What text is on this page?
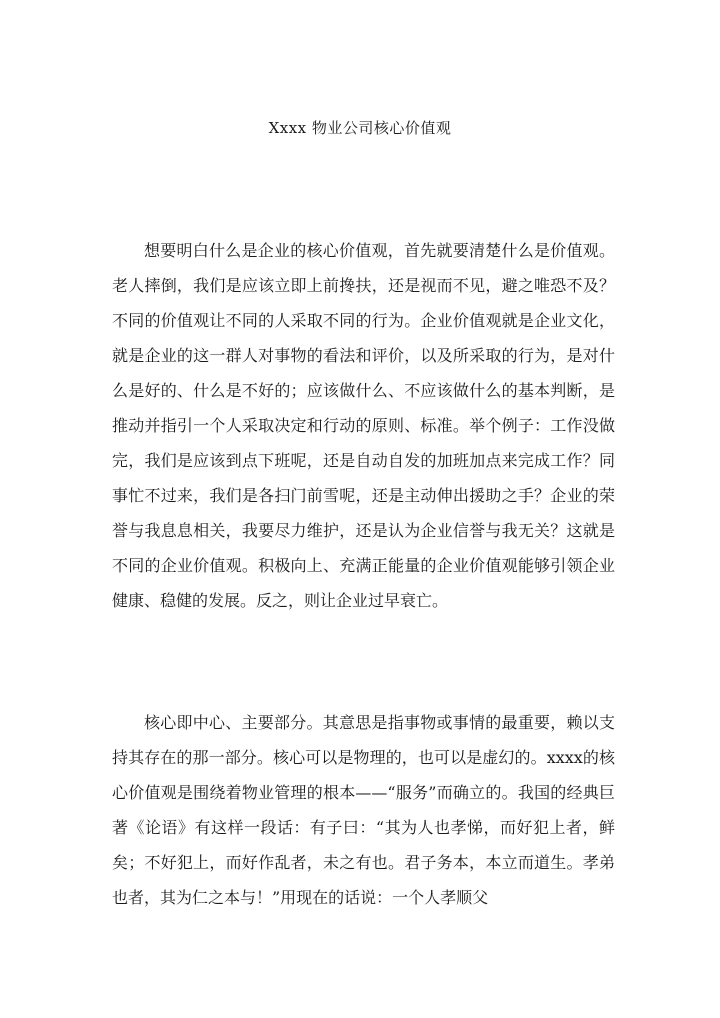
Xxxx 物业公司核心价值观

想要明白什么是企业的核心价值观，首先就要清楚什么是价值观。老人摔倒，我们是应该立即上前搀扶，还是视而不见，避之唯恐不及？不同的价值观让不同的人采取不同的行为。企业价值观就是企业文化，就是企业的这一群人对事物的看法和评价，以及所采取的行为，是对什么是好的、什么是不好的；应该做什么、不应该做什么的基本判断，是推动并指引一个人采取决定和行动的原则、标准。举个例子：工作没做完，我们是应该到点下班呢，还是自动自发的加班加点来完成工作？同事忙不过来，我们是各扫门前雪呢，还是主动伸出援助之手？企业的荣誉与我息息相关，我要尽力维护，还是认为企业信誉与我无关？这就是不同的企业价值观。积极向上、充满正能量的企业价值观能够引领企业健康、稳健的发展。反之，则让企业过早衰亡。

核心即中心、主要部分。其意思是指事物或事情的最重要，赖以支持其存在的那一部分。核心可以是物理的，也可以是虚幻的。xxxx的核心价值观是围绕着物业管理的根本——“服务”而确立的。我国的经典巨著《论语》有这样一段话：有子曰：“其为人也孝悌，而好犯上者，鲜矣；不好犯上，而好作乱者，未之有也。君子务本，本立而道生。孝弟也者，其为仁之本与！”用现在的话说：一个人孝顺父
